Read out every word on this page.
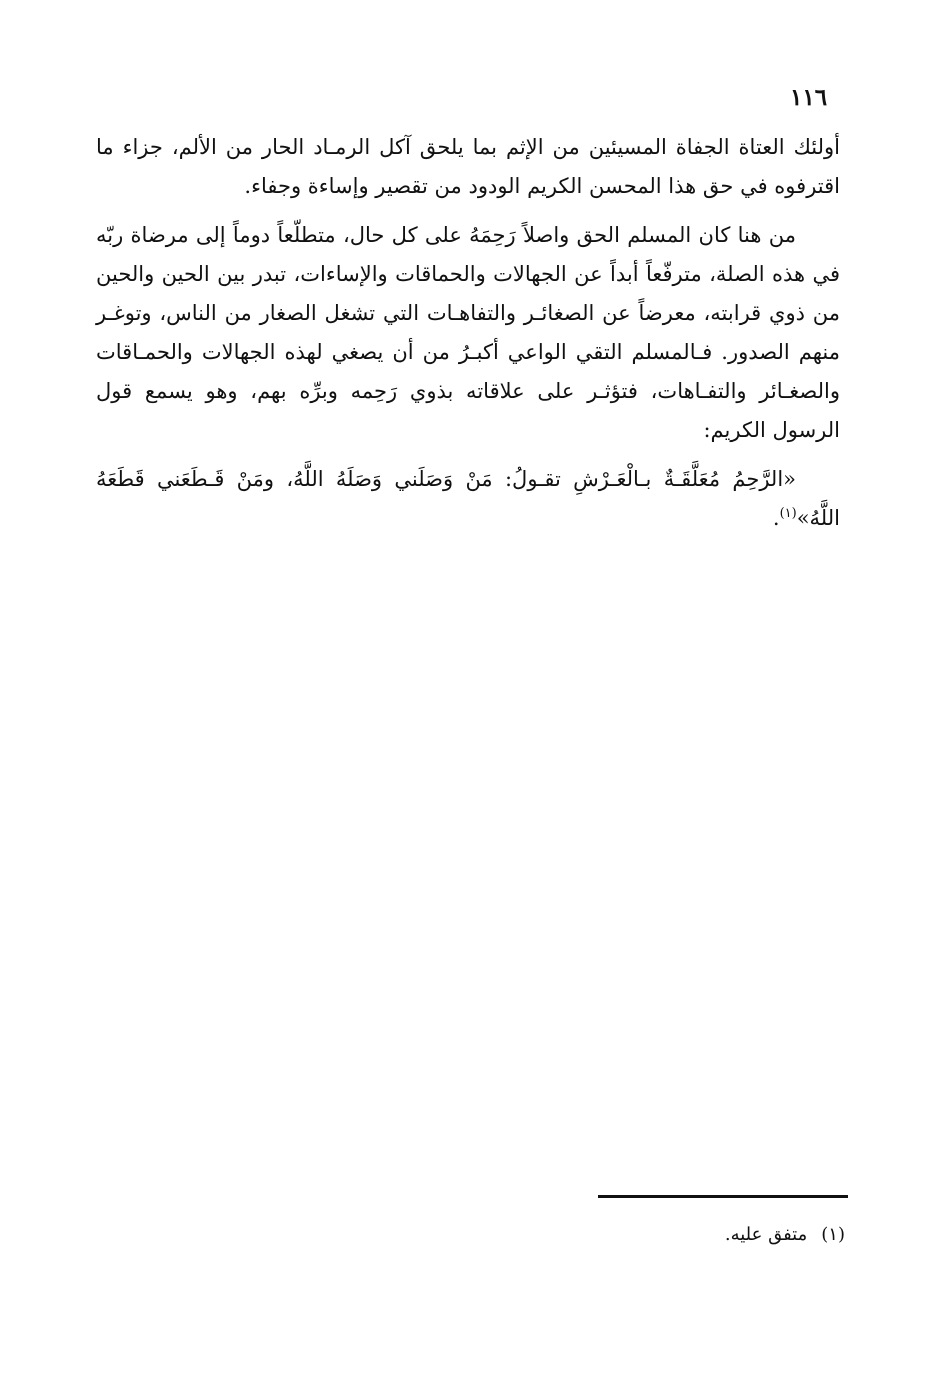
١١٦

أولئك العتاة الجفاة المسيئين من الإثم بما يلحق آكل الرمـاد الحار من الألم، جزاء ما اقترفوه في حق هذا المحسن الكريم الودود من تقصير وإساءة وجفاء.

من هنا كان المسلم الحق واصلاً رَحِمَهُ على كل حال، متطلّعاً دوماً إلى مرضاة ربّه في هذه الصلة، مترفّعاً أبداً عن الجهالات والحماقات والإساءات، تبدر بين الحين والحين من ذوي قرابته، معرضاً عن الصغائـر والتفاهـات التي تشغل الصغار من الناس، وتوغـر منهم الصدور. فـالمسلم التقي الواعي أكبـرُ من أن يصغي لهذه الجهالات والحمـاقات والصغـائر والتفـاهات، فتؤثـر على علاقاته بذوي رَحِمه وبرِّه بهم، وهو يسمع قول الرسول الكريم:

«الرَّحِمُ مُعَلَّقَـةٌ بـالْعَـرْشِ تقـولُ: مَنْ وَصَلَني وَصَلَهُ اللَّهُ، ومَنْ قَـطَعَني قَطَعَهُ اللَّهُ»$^{(١)}$.

(١)متفق عليه.
